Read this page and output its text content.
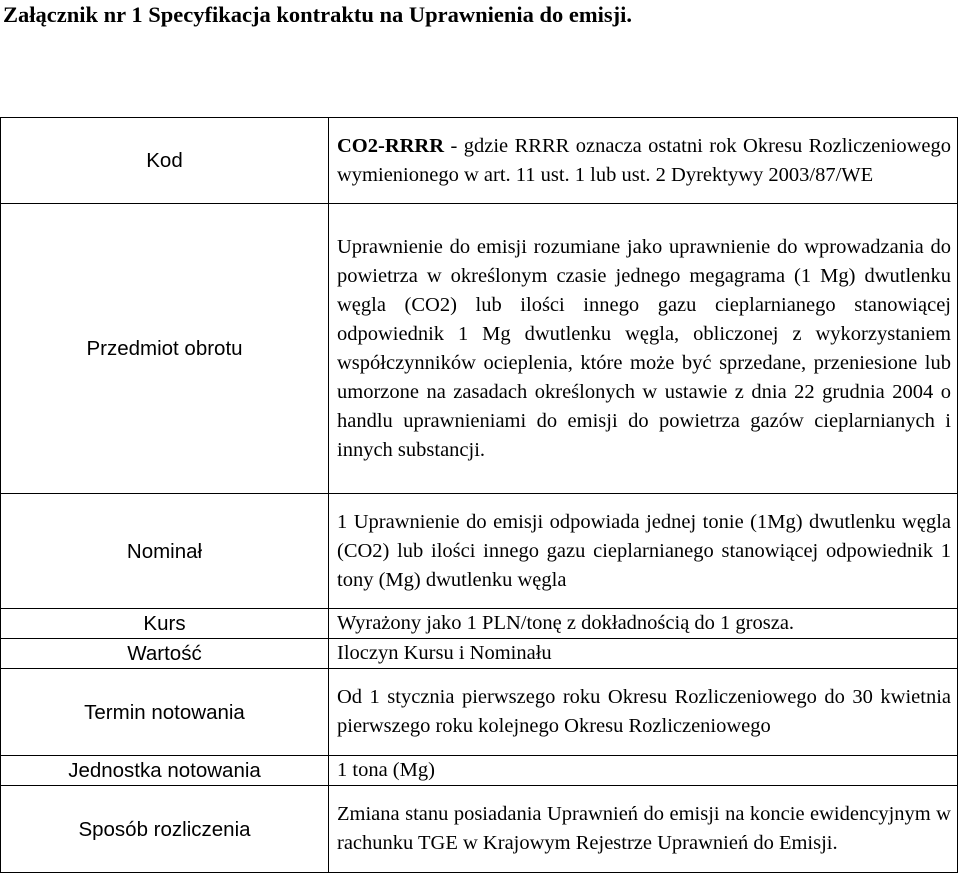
Załącznik nr 1 Specyfikacja kontraktu na Uprawnienia do emisji.
Kod	CO2-RRRR - gdzie RRRR oznacza ostatni rok Okresu Rozliczeniowego wymienionego w art. 11 ust. 1 lub ust. 2 Dyrektywy 2003/87/WE
Przedmiot obrotu	Uprawnienie do emisji rozumiane jako uprawnienie do wprowadzania do powietrza w określonym czasie jednego megagrama (1 Mg) dwutlenku węgla (CO2) lub ilości innego gazu cieplarnianego stanowiącej odpowiednik 1 Mg dwutlenku węgla, obliczonej z wykorzystaniem współczynników ocieplenia, które może być sprzedane, przeniesione lub umorzone na zasadach określonych w ustawie z dnia 22 grudnia 2004 o handlu uprawnieniami do emisji do powietrza gazów cieplarnianych i innych substancji.
Nominał	1 Uprawnienie do emisji odpowiada jednej tonie (1Mg) dwutlenku węgla (CO2) lub ilości innego gazu cieplarnianego stanowiącej odpowiednik 1 tony (Mg) dwutlenku węgla
Kurs	Wyrażony jako 1 PLN/tonę z dokładnością do 1 grosza.
Wartość	Iloczyn Kursu i Nominału
Termin notowania	Od 1 stycznia pierwszego roku Okresu Rozliczeniowego do 30 kwietnia pierwszego roku kolejnego Okresu Rozliczeniowego
Jednostka notowania	1 tona (Mg)
Sposób rozliczenia	Zmiana stanu posiadania Uprawnień do emisji na koncie ewidencyjnym w rachunku TGE w Krajowym Rejestrze Uprawnień do Emisji.
